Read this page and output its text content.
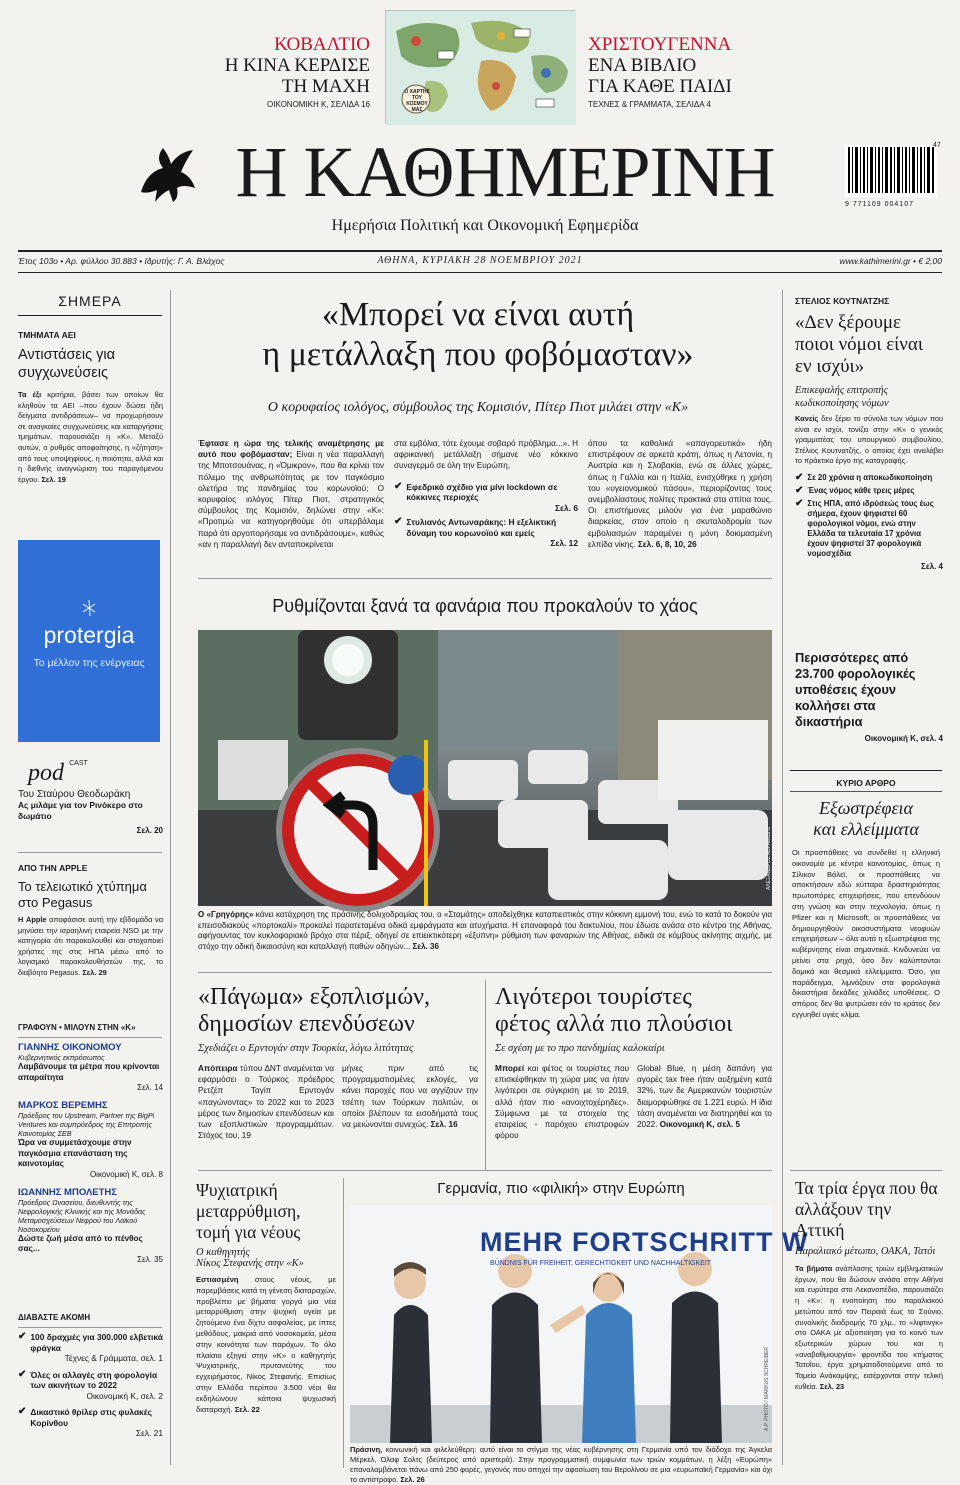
ΚΟΒΑΛΤΙΟ
Η ΚΙΝΑ ΚΕΡΔΙΣΕ
ΤΗ ΜΑΧΗ
ΟΙΚΟΝΟΜΙΚΗ Κ, ΣΕΛΙΔΑ 16
Ο ΧΑΡΤΗΣ ΤΟΥ ΚΟΣΜΟΥ ΜΑΣ
ΧΡΙΣΤΟΥΓΕΝΝΑ
ΕΝΑ ΒΙΒΛΙΟ
ΓΙΑ ΚΑΘΕ ΠΑΙΔΙ
ΤΕΧΝΕΣ & ΓΡΑΜΜΑΤΑ, ΣΕΛΙΔΑ 4
Η ΚΑΘΗΜΕΡΙΝΗ
Ημερήσια Πολιτική και Οικονομική Εφημερίδα
9 771109 004107
47
Έτος 103ο • Αρ. φύλλου 30.883 • Ιδρυτής: Γ. Α. Βλάχος	ΑΘΗΝΑ, ΚΥΡΙΑΚΗ 28 ΝΟΕΜΒΡΙΟΥ 2021	www.kathimerini.gr • € 2,00
ΣΗΜΕΡΑ
ΤΜΗΜΑΤΑ ΑΕΙ
Αντιστάσεις για συγχωνεύσεις
Τα έξι κριτήρια, βάσει των οποίων θα κληθούν τα ΑΕΙ –που έχουν δώσει ήδη δείγματα αντιδράσεων– να προχωρήσουν σε αναγκαίες συγχωνεύσεις και καταργήσεις τμημάτων, παρουσιάζει η «Κ». Μεταξύ αυτών, ο ρυθμός αποφοίτησης, η «ζήτηση» από τους υποψηφίους, η ποιότητα, αλλά και η διεθνής αναγνώριση του παραγόμενου έργου. Σελ. 19
protergia
Το μέλλον της ενέργειας
pod $^{CAST}$
Του Σταύρου Θεοδωράκη
Ας μιλάμε για τον Ρινόκερο στο δωμάτιο
Σελ. 20
ΑΠΟ ΤΗΝ APPLE
Το τελειωτικό χτύπημα στο Pegasus
Η Apple αποφάσισε αυτή την εβδομάδα να μηνύσει την ισραηλινή εταιρεία NSO με την κατηγορία ότι παρακολουθεί και στοχοποιεί χρήστες της στις ΗΠΑ μέσω από το λογισμικό παρακολουθήσεών της, το διαβόητο Pegasus. Σελ. 29
ΓΡΑΦΟΥΝ • ΜΙΛΟΥΝ ΣΤΗΝ «Κ»
ΓΙΑΝΝΗΣ ΟΙΚΟΝΟΜΟΥ
Κυβερνητικός εκπρόσωπος
Λαμβάνουμε τα μέτρα που κρίνονται απαραίτητα
Σελ. 14
ΜΑΡΚΟΣ ΒΕΡΕΜΗΣ
Πρόεδρος του Upstream, Partner της BigPi Ventures και συμπρόεδρος της Επιτροπής Καινοτομίας ΣΕΒ
Ώρα να συμμετάσχουμε στην παγκόσμια επανάσταση της καινοτομίας
Οικονομική Κ, σελ. 8
ΙΩΑΝΝΗΣ ΜΠΟΛΕΤΗΣ
Πρόεδρος Ωνασείου, διευθυντής της Νεφρολογικής Κλινικής και της Μονάδας Μεταμοσχεύσεων Νεφρού του Λαϊκού Νοσοκομείου
Δώστε ζωή μέσα από το πένθος σας...
Σελ. 35
ΔΙΑΒΑΣΤΕ ΑΚΟΜΗ
✔ 100 δραχμές για 300.000 ελβετικά φράγκα
Τέχνες & Γράμματα, σελ. 1
✔ Όλες οι αλλαγές στη φορολογία των ακινήτων το 2022
Οικονομική Κ, σελ. 2
✔ Δικαστικό θρίλερ στις φυλακές Κορίνθου
Σελ. 21
«Μπορεί να είναι αυτή
η μετάλλαξη που φοβόμασταν»
Ο κορυφαίος ιολόγος, σύμβουλος της Κομισιόν, Πίτερ Πιοτ μιλάει στην «Κ»
Έφτασε η ώρα της τελικής αναμέτρησης με αυτό που φοβόμασταν; Είναι η νέα παραλλαγή της Μποτσουάνας, η «Όμικρον», που θα κρίνει τον πόλεμο της ανθρωπότητας με τον παγκόσμιο ολετήρα της πανδημίας του κορωνοϊού; Ο κορυφαίος ιολόγος Πίτερ Πιοτ, στρατηγικός σύμβουλος της Κομισιόν, δηλώνει στην «Κ»: «Προτιμώ να κατηγορηθούμε ότι υπερβάλαμε παρά ότι αργοπορήσαμε να αντιδράσουμε», καθώς «αν η παραλλαγή δεν ανταποκρίνεται
στα εμβόλια, τότε έχουμε σοβαρό πρόβλημα...». Η αφρικανική μετάλλαξη σήμανε νέο κόκκινο συναγερμό σε όλη την Ευρώπη,
✔ Εφεδρικό σχέδιο για μίνι lockdown σε κόκκινες περιοχές
Σελ. 6
✔ Στυλιανός Αντωναράκης: Η εξελικτική δύναμη του κορωνοϊού και εμείς
Σελ. 12
όπου τα καθολικά «απαγορευτικά» ήδη επιστρέφουν σε αρκετά κράτη, όπως η Λετονία, η Αυστρία και η Σλοβακία, ενώ σε άλλες χώρες, όπως η Γαλλία και η Ιταλία, ενισχύθηκε η χρήση του «υγειονομικού πάσου», περιορίζοντας τους ανεμβολίαστους πολίτες πρακτικά στα σπίτια τους. Οι επιστήμονες μιλούν για ένα μαραθώνιο διαρκείας, στον οποίο η σκυταλοδρομία των εμβολιασμών παραμένει η μόνη δοκιμασμένη ελπίδα νίκης. Σελ. 6, 8, 10, 26
Ρυθμίζονται ξανά τα φανάρια που προκαλούν το χάος
ΑΛΕΞΑΝΔΡΟΣ ΑΒΡΑΜΙΔΗΣ
Ο «Γρηγόρης» κάνει κατάχρηση της πράσινης δολιχοδρομίας του, ο «Σταμάτης» αποδείχθηκε καταπιεστικός στην κόκκινη εμμονή του, ενώ το κατά το δοκούν για επεισοδιακούς «πορτοκαλί» προκαλεί παρατεταμένα οδικά εμφράγματα και ατυχήματα. Η επαναφορά του δακτυλίου, που έδωσε ανάσα στο κέντρο της Αθήνας, αφήγουντας τον κυκλοφοριακό βρόχο στα πέριξ, οδηγεί σε επιεικτικότερη «έξυπνη» ρύθμιση των φαναριών της Αθήνας, ειδικά σε κόμβους ακίνητης αιχμής, με στόχο την οδική δικαιοσύνη και καταλλαγή παθών οδηγών... Σελ. 36
«Πάγωμα» εξοπλισμών,
δημοσίων επενδύσεων
Σχεδιάζει ο Ερντογάν στην Τουρκία, λόγω λιτότητας
Απόπειρα τύπου ΔΝΤ αναμένεται να εφαρμόσει ο Τούρκος πρόεδρος Ρετζέπ Ταγίπ Ερντογάν «παγώνοντας» το 2022 και το 2023 μέρος των δημοσίων επενδύσεων και των εξοπλιστικών προγραμμάτων. Στόχος του, 19
μήνες πριν από τις προγραμματισμένες εκλογές, να κάνει παροχές που να αγγίζουν την τσέπη των Τούρκων πολιτών, οι οποίοι βλέπουν τα εισοδήματά τους να μειώνονται συνεχώς. Σελ. 16
Λιγότεροι τουρίστες
φέτος αλλά πιο πλούσιοι
Σε σχέση με το προ πανδημίας καλοκαίρι
Μπορεί και φέτος οι τουρίστες που επισκέφθηκαν τη χώρα μας να ήταν λιγότεροι σε σύγκριση με το 2019, αλλά ήταν πιο «ανοιχτοχέρηδες». Σύμφωνα με τα στοιχεία της εταιρείας - παρόχου επιστροφών φόρου
Global Blue, η μέση δαπάνη για αγορές tax free ήταν αυξημένη κατά 32%, των δε Αμερικανών τουριστών διαμορφώθηκε σε 1.221 ευρώ. Η ίδια τάση αναμένεται να διατηρηθεί και το 2022. Οικονομική Κ, σελ. 5
Ψυχιατρική μεταρρύθμιση, τομή για νέους
Ο καθηγητής
Νίκος Στεφανής στην «Κ»
Εστιασμένη στους νέους, με παρεμβάσεις κατά τη γένεση διαταραχών, προβλέπει με βήματα γοργά μια νέα μεταρρύθμιση στην ψυχική υγεία με ζητούμενο ένα δίχτυ ασφαλείας, με ίπτες μεθόδους, μακριά από νοσοκομεία, μέσα στην κοινότητα των παρόχων. Το όλο πλαίσιο εξηγεί στην «Κ» ο καθηγητής Ψυχιατρικής, πρυτανεύτης του εγχειρήματος, Νίκος Στεφανής. Επισίως στην Ελλάδα περίπου 3.500 νέοι θα εκδηλώνουν κάποια ψυχωσική διαταραχή. Σελ. 22
Γερμανία, πιο «φιλική» στην Ευρώπη
MEHR FORTSCHRITT W
BÜNDNIS FÜR FREIHEIT, GERECHTIGKEIT UND NACHHALTIGKEIT
A.P. PHOTO / MARKUS SCHREIBER
Πράσινη, κοινωνική και φιλελεύθερη: αυτό είναι το στίγμα της νέας κυβέρνησης στη Γερμανία υπό τον διάδοχο της Άγκελα Μέρκελ, Όλαφ Σολτς (δεύτερος από αριστερά). Στην προγραμματική συμφωνία των τριών κομμάτων, η λέξη «Ευρώπη» επαναλαμβάνεται πάνω από 250 φορές, γεγονός που απηχεί την αφοσίωση του Βερολίνου σε μια «ευρωπαϊκή Γερμανία» και όχι το αντίστροφο. Σελ. 26
ΣΤΕΛΙΟΣ ΚΟΥΤΝΑΤΖΗΣ
«Δεν ξέρουμε ποιοι νόμοι είναι εν ισχύι»
Επικεφαλής επιτροπής κωδικοποίησης νόμων
Κανείς δεν ξέρει το σύνολο των νόμων που είναι εν ισχύι, τονίζει στην «Κ» ο γενικός γραμματέας του υπουργικού συμβουλίου, Στέλιος Κουτνατζής, ο οποίος έχει αναλάβει το πράκτικο έργο της καταγραφής.
✔ Σε 20 χρόνια η αποκωδικοποίηση
✔ Ένας νόμος κάθε τρεις μέρες
✔ Στις ΗΠΑ, από ιδρύσεώς τους έως σήμερα, έχουν ψηφιστεί 60 φορολογικοί νόμοι, ενώ στην Ελλάδα τα τελευταία 17 χρόνια έχουν ψηφιστεί 37 φορολογικά νομοσχέδια
Σελ. 4
Περισσότερες από 23.700 φορολογικές υποθέσεις έχουν κολλήσει στα δικαστήρια
Οικονομική Κ, σελ. 4
ΚΥΡΙΟ ΑΡΘΡΟ
Εξωστρέφεια
και ελλείμματα
Οι προσπάθειες να συνδεθεί η ελληνική οικονομία με κέντρα καινοτομίας, όπως η Σίλικον Βάλεϊ, οι προσπάθειες να αποκτήσουν εδώ κύτταρα δραστηριότητας πρωτοπόρες επιχειρήσεις, που επενδύουν στη γνώση και στην τεχνολογία, όπως η Pfizer και η Microsoft, οι προσπάθειες να δημιουργηθούν οικοσυστήματα νεοφυών επιχειρήσεων – όλα αυτά η εξωστρέφεια της κυβέρνησης είναι σημαντικά. Κινδυνεύει να μείνει στα ρηχά, όσο δεν καλύπτονται δομικά και θεσμικά ελλείμματα. Όσο, για παράδειγμα, λιμνάζουν στα φορολογικά δικαστήρια δεκάδες χιλιάδες υποθέσεις. Ο σπόρος δεν θα φυτρώσει εάν το κράτος δεν εγγυηθεί υγιές κλίμα.
Τα τρία έργα που θα αλλάξουν την Αττική
Παραλιακό μέτωπο, ΟΑΚΑ, Τατόι
Τα βήματα ανάπλασης τριών εμβληματικών έργων, που θα δώσουν ανάσα στην Αθήνα και ευρύτερα στο Λεκανοπέδιο, παρουσιάζει η «Κ»: η ενοποίηση του παραλιακού μετώπου από τον Πειραιά έως το Σούνιο, συνολικής διαδρομής 70 χλμ., το «λιφτινγκ» στο ΟΑΚΑ με αξιοποίηση για το κοινό των εξωτερικών χώρων του και η «αναβαθμιουργία» φροντίδα του κτήματος Τατοΐου, έργα χρηματοδοτούμενα από το Ταμείο Ανάκαμψης, εισέρχονται στην τελική ευθεία. Σελ. 23
